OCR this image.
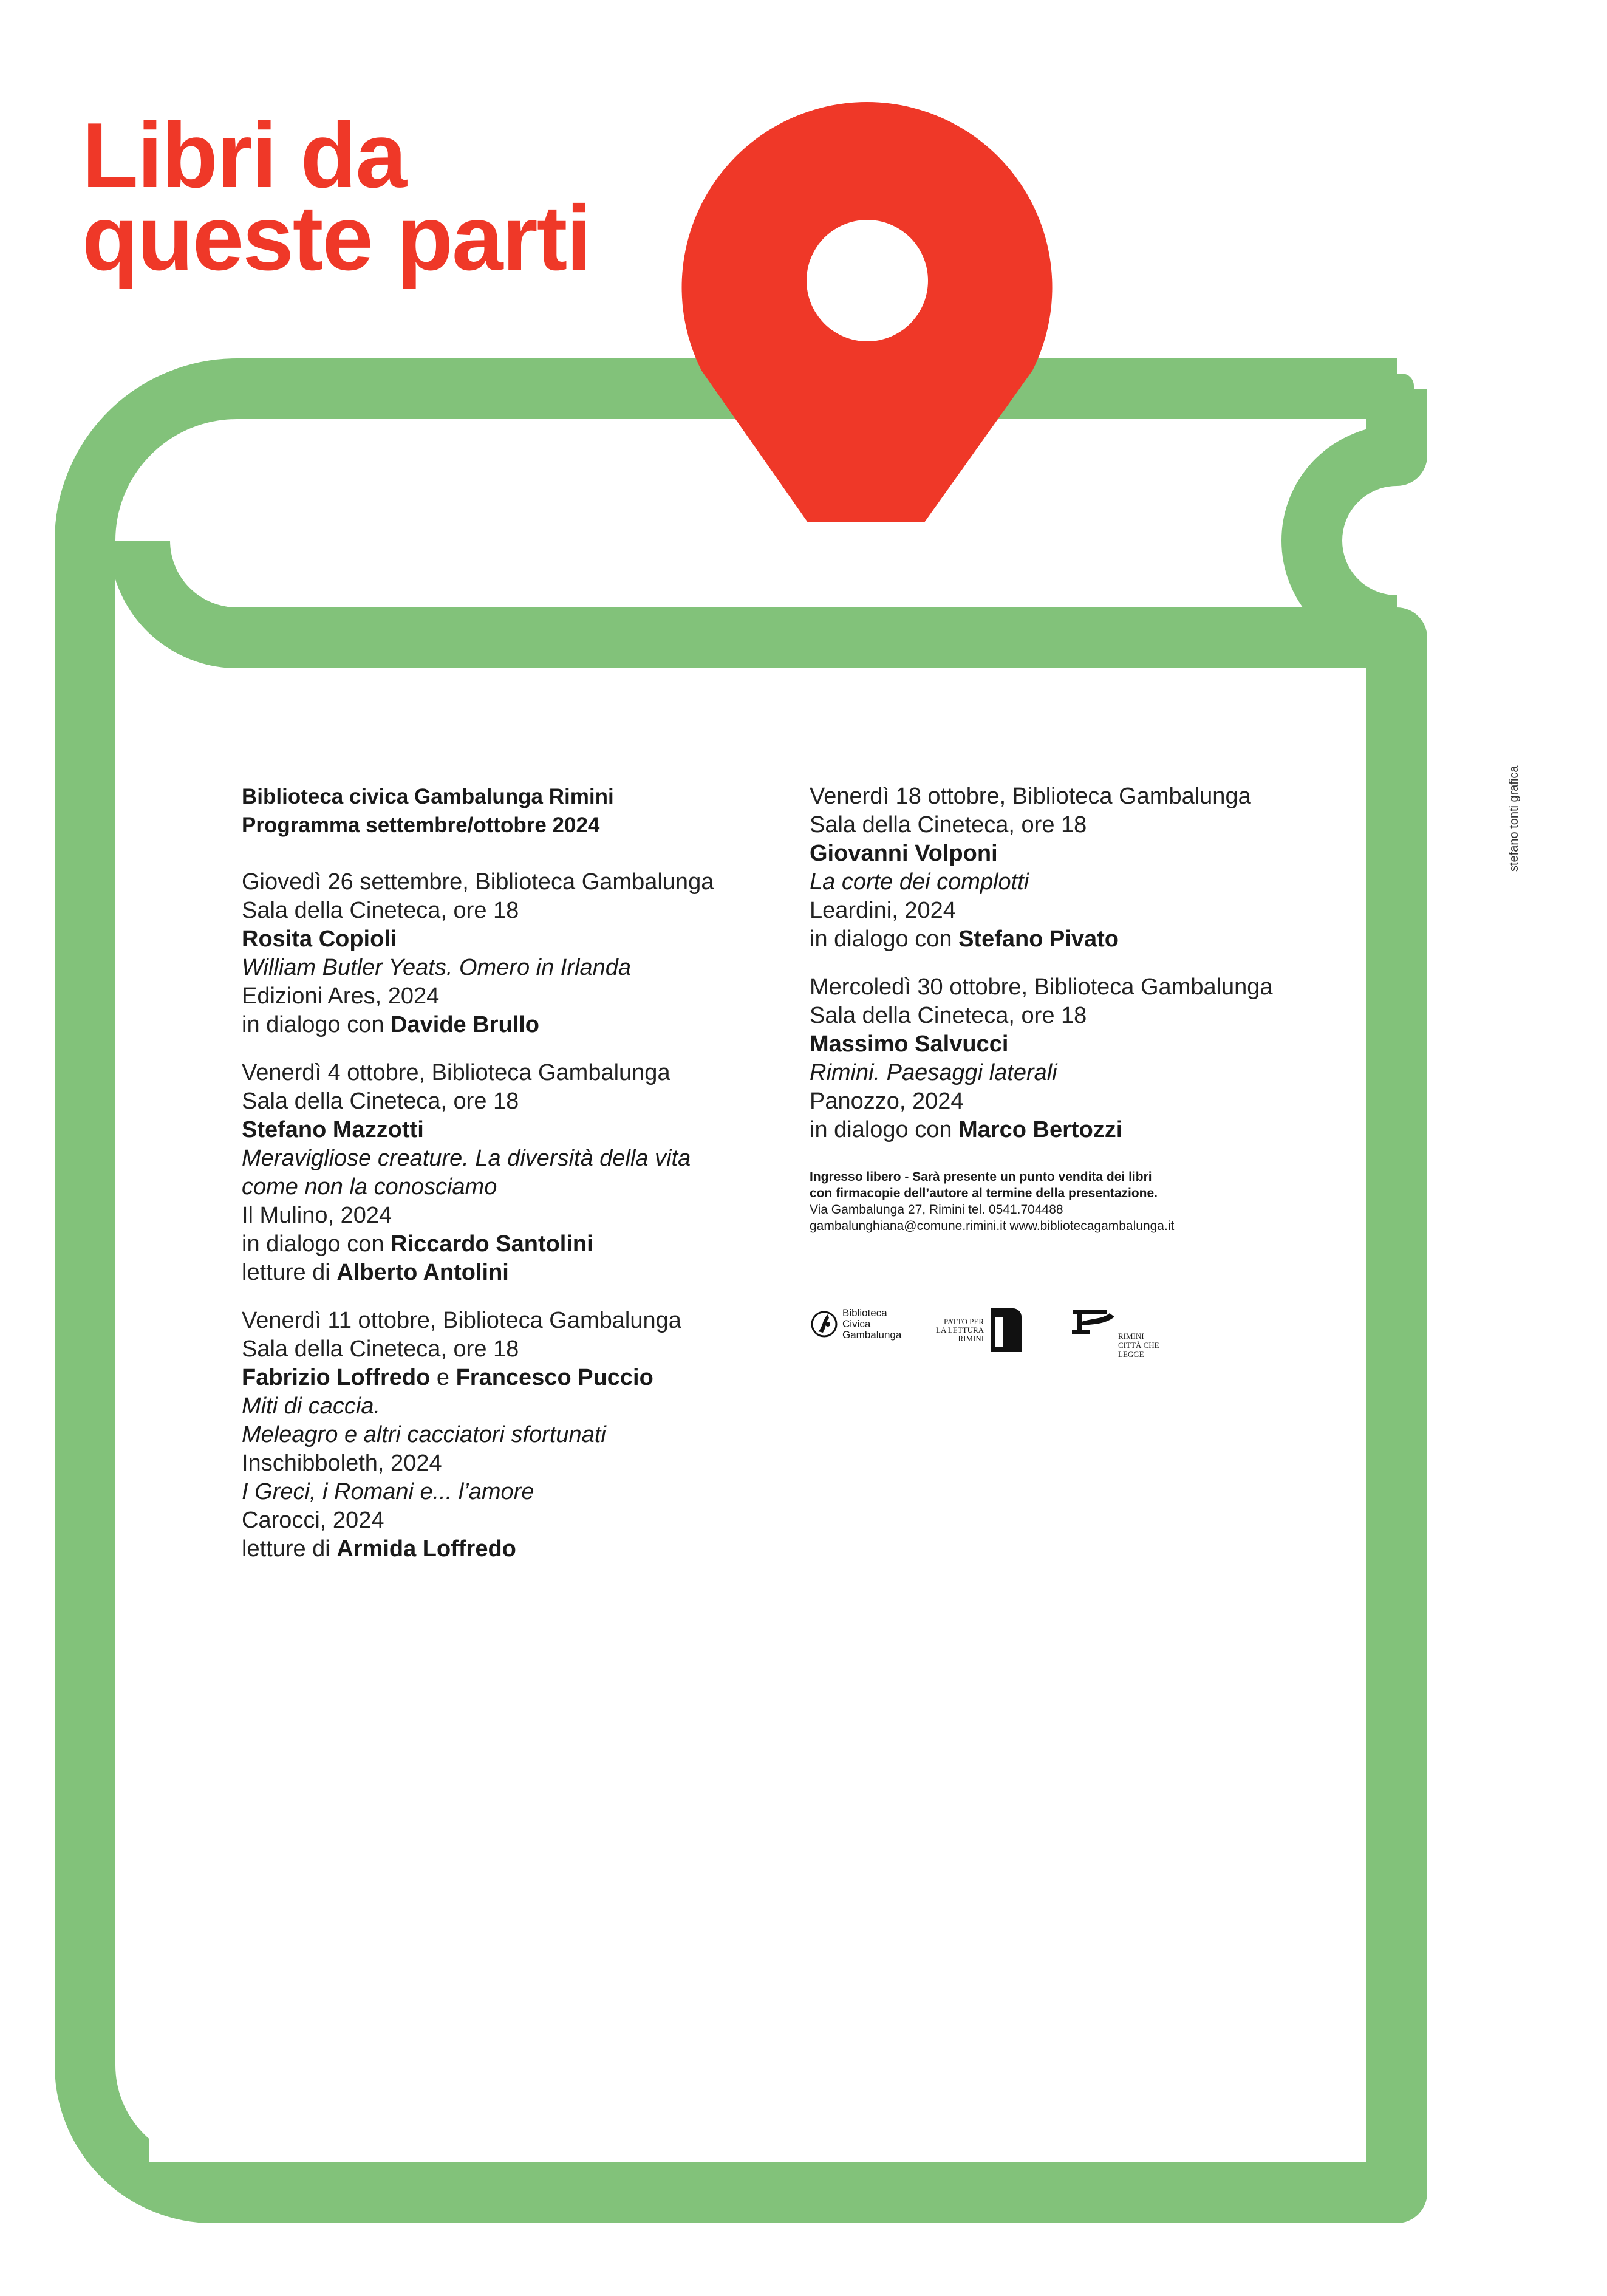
Libri da
queste parti
stefano tonti grafica
Biblioteca civica Gambalunga Rimini
Programma settembre/ottobre 2024
Giovedì 26 settembre, Biblioteca Gambalunga
Sala della Cineteca, ore 18
Rosita Copioli
William Butler Yeats. Omero in Irlanda
Edizioni Ares, 2024
in dialogo con Davide Brullo
Venerdì 4 ottobre, Biblioteca Gambalunga
Sala della Cineteca, ore 18
Stefano Mazzotti
Meravigliose creature. La diversità della vita
come non la conosciamo
Il Mulino, 2024
in dialogo con Riccardo Santolini
letture di Alberto Antolini
Venerdì 11 ottobre, Biblioteca Gambalunga
Sala della Cineteca, ore 18
Fabrizio Loffredo e Francesco Puccio
Miti di caccia.
Meleagro e altri cacciatori sfortunati
Inschibboleth, 2024
I Greci, i Romani e... l’amore
Carocci, 2024
letture di Armida Loffredo
Venerdì 18 ottobre, Biblioteca Gambalunga
Sala della Cineteca, ore 18
Giovanni Volponi
La corte dei complotti
Leardini, 2024
in dialogo con Stefano Pivato
Mercoledì 30 ottobre, Biblioteca Gambalunga
Sala della Cineteca, ore 18
Massimo Salvucci
Rimini. Paesaggi laterali
Panozzo, 2024
in dialogo con Marco Bertozzi
Ingresso libero - Sarà presente un punto vendita dei libri
con firmacopie dell’autore al termine della presentazione.
Via Gambalunga 27, Rimini tel. 0541.704488
gambalunghiana@comune.rimini.it www.bibliotecagambalunga.it
Biblioteca
Civica
Gambalunga
PATTO PER
LA LETTURA
RIMINI	RIMINI
CITTÀ CHE
LEGGE
